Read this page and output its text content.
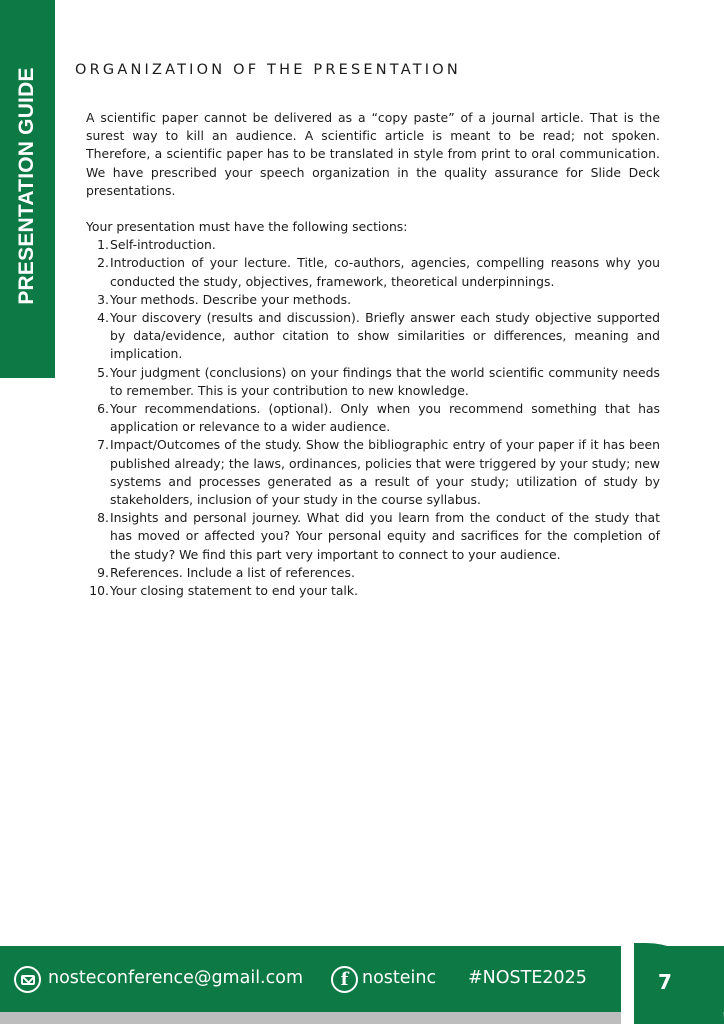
PRESENTATION GUIDE	ORGANIZATION OF THE PRESENTATION

A scientific paper cannot be delivered as a “copy paste” of a journal article. That is the surest way to kill an audience. A scientific article is meant to be read; not spoken. Therefore, a scientific paper has to be translated in style from print to oral communication. We have prescribed your speech organization in the quality assurance for Slide Deck presentations.

Your presentation must have the following sections:

1. Self-introduction.
2. Introduction of your lecture. Title, co-authors, agencies, compelling reasons why you conducted the study, objectives, framework, theoretical underpinnings.
3. Your methods. Describe your methods.
4. Your discovery (results and discussion). Briefly answer each study objective supported by data/evidence, author citation to show similarities or differences, meaning and implication.
5. Your judgment (conclusions) on your findings that the world scientific community needs to remember. This is your contribution to new knowledge.
6. Your recommendations. (optional). Only when you recommend something that has application or relevance to a wider audience.
7. Impact/Outcomes of the study. Show the bibliographic entry of your paper if it has been published already; the laws, ordinances, policies that were triggered by your study; new systems and processes generated as a result of your study; utilization of study by stakeholders, inclusion of your study in the course syllabus.
8. Insights and personal journey. What did you learn from the conduct of the study that has moved or affected you? Your personal equity and sacrifices for the completion of the study? We find this part very important to connect to your audience.
9. References. Include a list of references.
10. Your closing statement to end your talk.
7
nosteconference@gmail.com	f nosteinc #NOSTE2025
